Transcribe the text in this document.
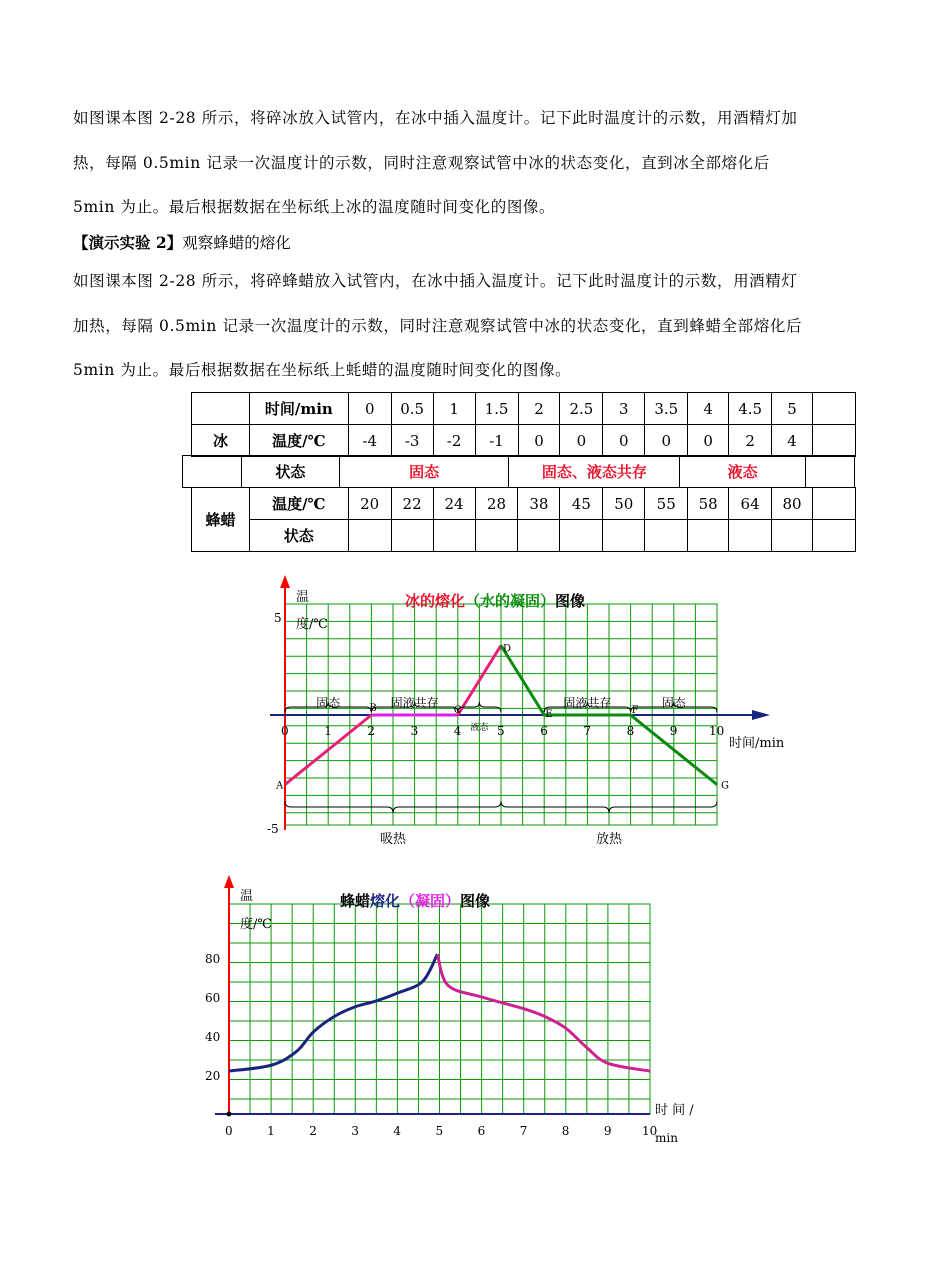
如图课本图 2-28 所示，将碎冰放入试管内，在冰中插入温度计。记下此时温度计的示数，用酒精灯加
热，每隔 0.5min 记录一次温度计的示数，同时注意观察试管中冰的状态变化，直到冰全部熔化后
5min 为止。最后根据数据在坐标纸上冰的温度随时间变化的图像。
【演示实验 2】观察蜂蜡的熔化
如图课本图 2-28 所示，将碎蜂蜡放入试管内，在冰中插入温度计。记下此时温度计的示数，用酒精灯
加热，每隔 0.5min 记录一次温度计的示数，同时注意观察试管中冰的状态变化，直到蜂蜡全部熔化后
5min 为止。最后根据数据在坐标纸上蚝蜡的温度随时间变化的图像。
	时间/min	0	0.5	1	1.5	2	2.5	3	3.5	4	4.5	5	
冰	温度/℃	-4	-3	-2	-1	0	0	0	0	0	2	4	
	状态	固态	固态、液态共存	液态	
蜂蜡	温度/℃	20	22	24	28	38	45	50	55	58	64	80	
	状态												
冰的熔化（水的凝固）图像
温
度/℃
时间/min
5
-5
0	1	2	3	4	5	6	7	8	9	10
A
B	C
D
E	F
G
固态	固液共存
液态
固液共存	固态
吸热	放热
蜂蜡熔化（凝固）图像
温
度/℃
时 间 /
min
80
60
40
20
0	1	2	3	4	5	6	7	8	9	10
